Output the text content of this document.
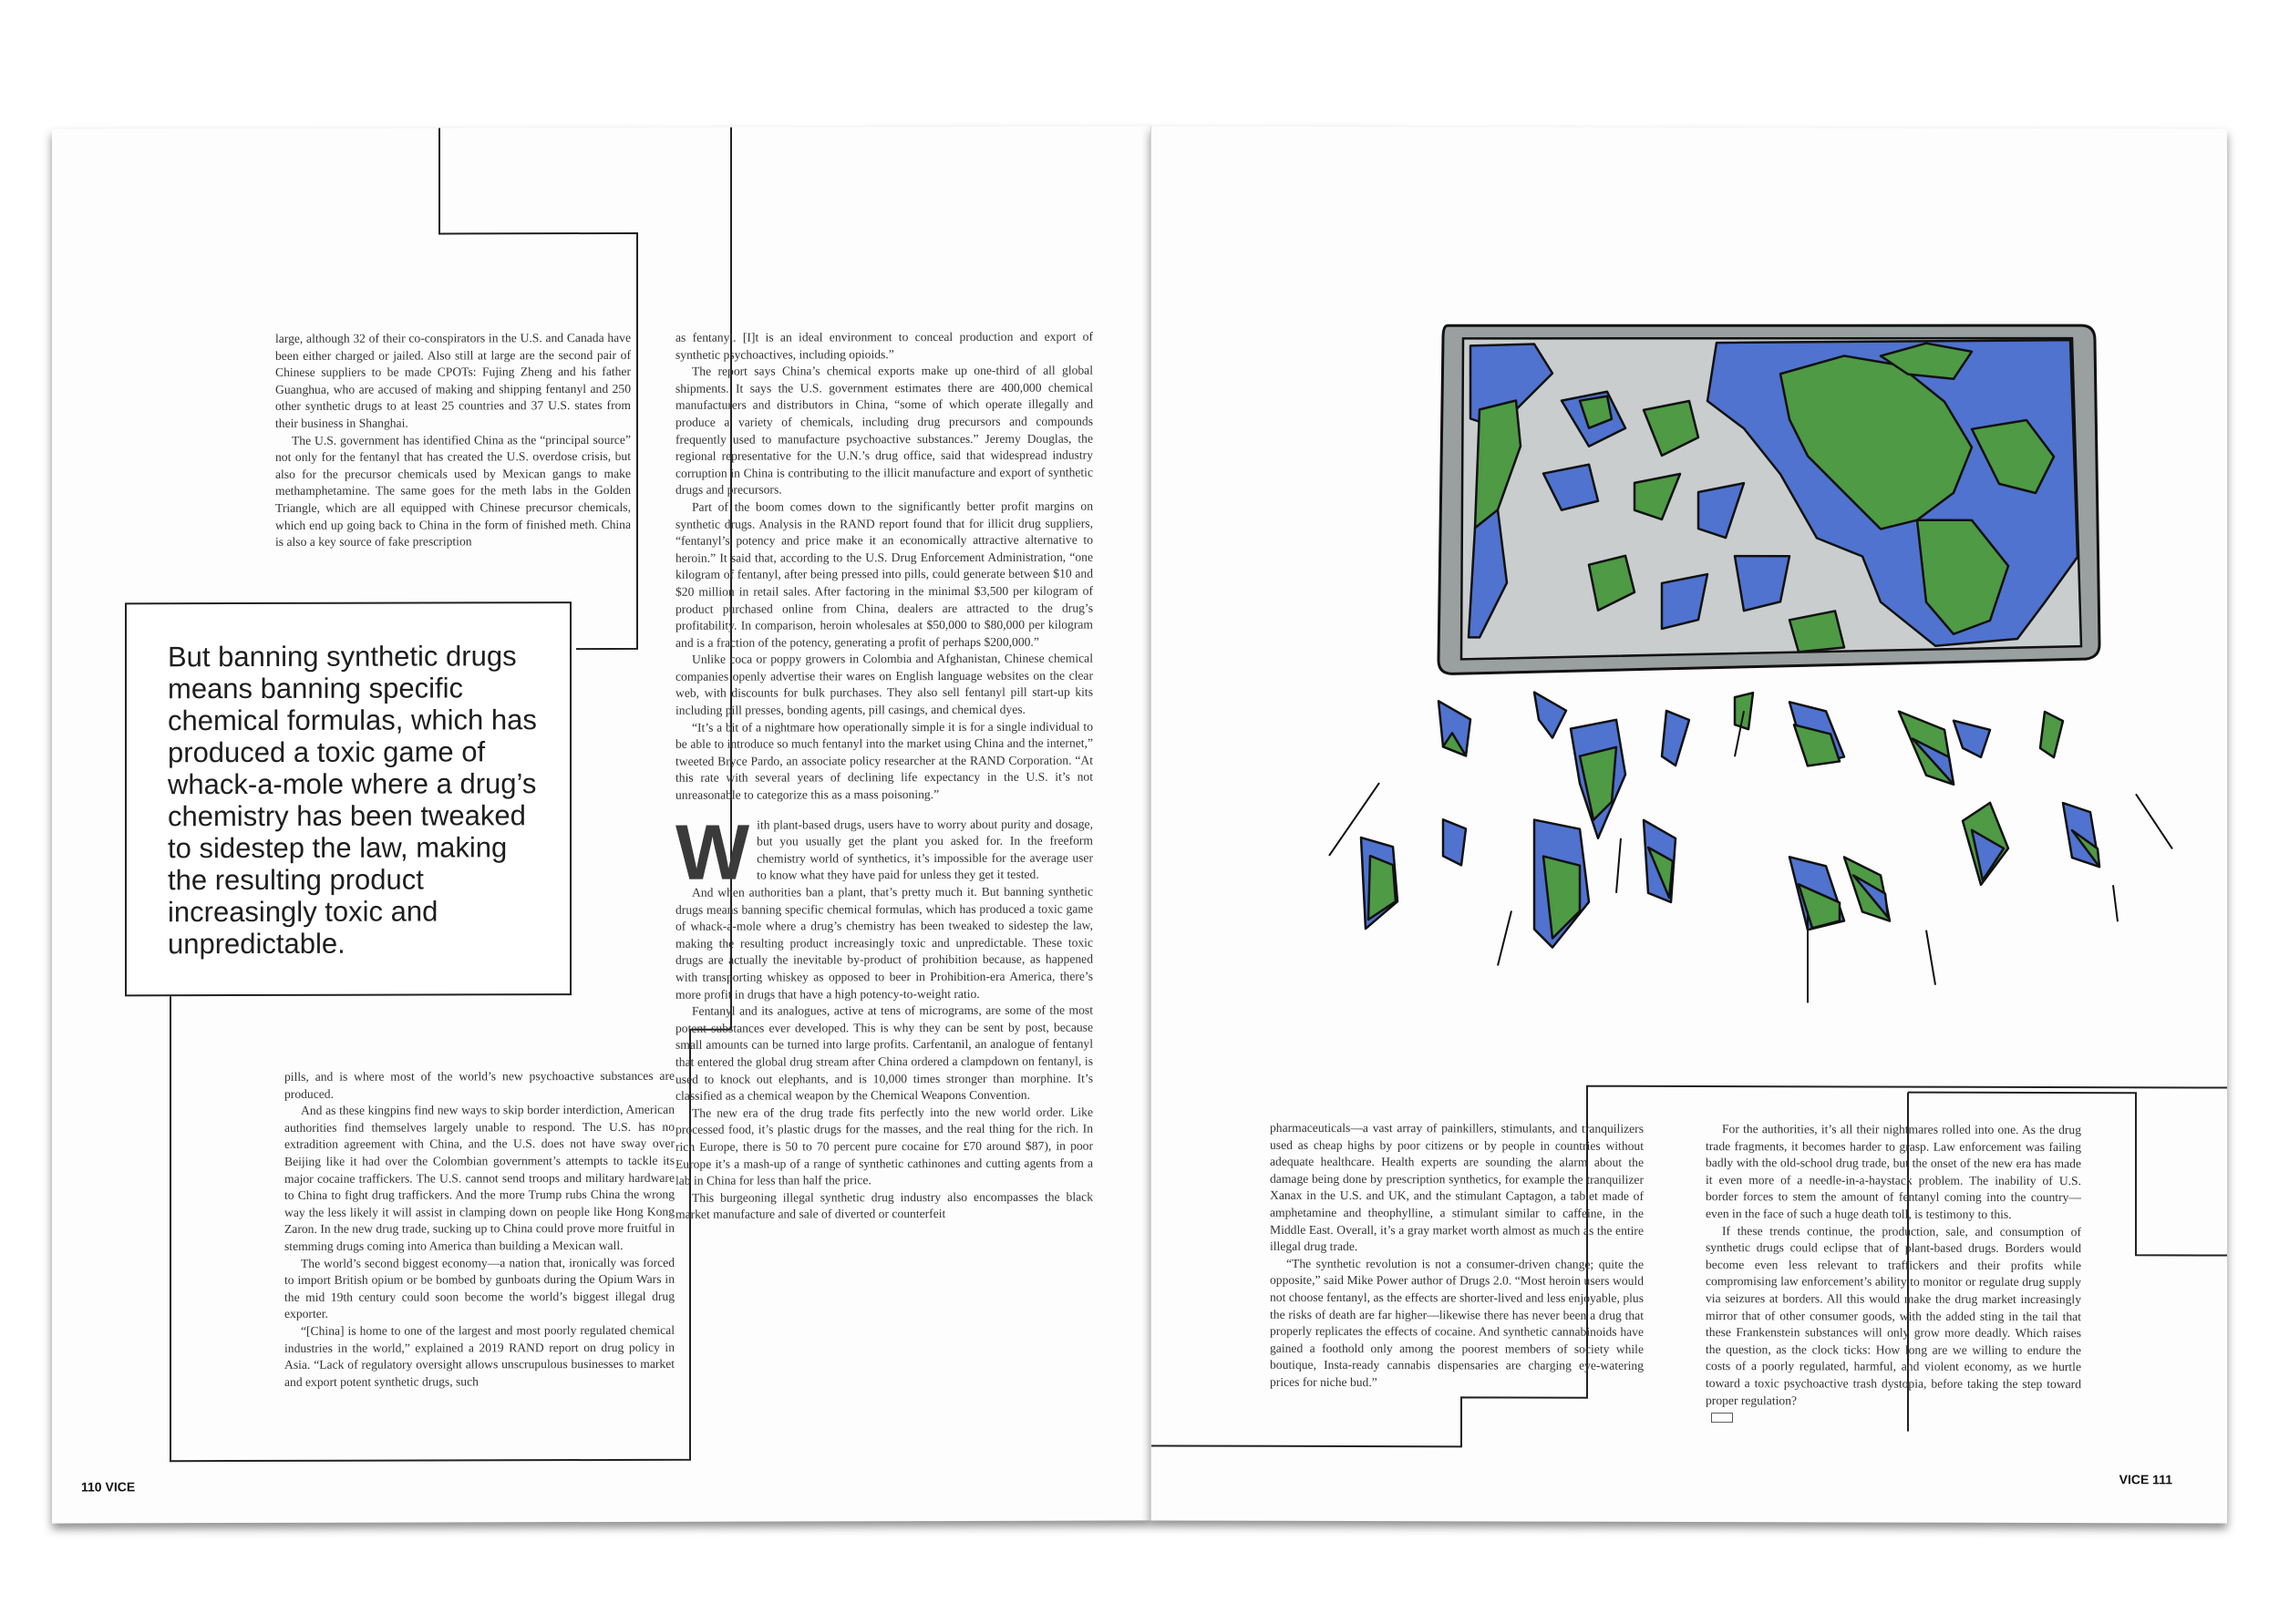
large, although 32 of their co-conspirators in the U.S. and Canada have been either charged or jailed. Also still at large are the second pair of Chinese suppliers to be made CPOTs: Fujing Zheng and his father Guanghua, who are accused of making and shipping fentanyl and 250 other synthetic drugs to at least 25 countries and 37 U.S. states from their business in Shanghai.

The U.S. government has identified China as the “principal source” not only for the fentanyl that has created the U.S. overdose crisis, but also for the precursor chemicals used by Mexican gangs to make methamphetamine. The same goes for the meth labs in the Golden Triangle, which are all equipped with Chinese precursor chemicals, which end up going back to China in the form of finished meth. China is also a key source of fake prescription

But banning synthetic drugs means banning specific chemical formulas, which has produced a toxic game of whack-a-mole where a drug’s chemistry has been tweaked to sidestep the law, making the resulting product increasingly toxic and unpredictable.

pills, and is where most of the world’s new psychoactive substances are produced.

And as these kingpins find new ways to skip border interdiction, American authorities find themselves largely unable to respond. The U.S. has no extradition agreement with China, and the U.S. does not have sway over Beijing like it had over the Colombian government’s attempts to tackle its major cocaine traffickers. The U.S. cannot send troops and military hardware to China to fight drug traffickers. And the more Trump rubs China the wrong way the less likely it will assist in clamping down on people like Hong Kong Zaron. In the new drug trade, sucking up to China could prove more fruitful in stemming drugs coming into America than building a Mexican wall.

The world’s second biggest economy—a nation that, ironically was forced to import British opium or be bombed by gunboats during the Opium Wars in the mid 19th century could soon become the world’s biggest illegal drug exporter.

“[China] is home to one of the largest and most poorly regulated chemical industries in the world,” explained a 2019 RAND report on drug policy in Asia. “Lack of regulatory oversight allows unscrupulous businesses to market and export potent synthetic drugs, such

as fentanyl. [I]t is an ideal environment to conceal production and export of synthetic psychoactives, including opioids.”

The report says China’s chemical exports make up one-third of all global shipments. It says the U.S. government estimates there are 400,000 chemical manufacturers and distributors in China, “some of which operate illegally and produce a variety of chemicals, including drug precursors and compounds frequently used to manufacture psychoactive substances.” Jeremy Douglas, the regional representative for the U.N.’s drug office, said that widespread industry corruption in China is contributing to the illicit manufacture and export of synthetic drugs and precursors.

Part of the boom comes down to the significantly better profit margins on synthetic drugs. Analysis in the RAND report found that for illicit drug suppliers, “fentanyl’s potency and price make it an economically attractive alternative to heroin.” It said that, according to the U.S. Drug Enforcement Administration, “one kilogram of fentanyl, after being pressed into pills, could generate between $10 and $20 million in retail sales. After factoring in the minimal $3,500 per kilogram of product purchased online from China, dealers are attracted to the drug’s profitability. In comparison, heroin wholesales at $50,000 to $80,000 per kilogram and is a fraction of the potency, generating a profit of perhaps $200,000.”

Unlike coca or poppy growers in Colombia and Afghanistan, Chinese chemical companies openly advertise their wares on English language websites on the clear web, with discounts for bulk purchases. They also sell fentanyl pill start-up kits including pill presses, bonding agents, pill casings, and chemical dyes.

“It’s a bit of a nightmare how operationally simple it is for a single individual to be able to introduce so much fentanyl into the market using China and the internet,” tweeted Bryce Pardo, an associate policy researcher at the RAND Corporation. “At this rate with several years of declining life expectancy in the U.S. it’s not unreasonable to categorize this as a mass poisoning.”

With plant-based drugs, users have to worry about purity and dosage, but you usually get the plant you asked for. In the freeform chemistry world of synthetics, it’s impossible for the average user to know what they have paid for unless they get it tested.

And when authorities ban a plant, that’s pretty much it. But banning synthetic drugs means banning specific chemical formulas, which has produced a toxic game of whack-a-mole where a drug’s chemistry has been tweaked to sidestep the law, making the resulting product increasingly toxic and unpredictable. These toxic drugs are actually the inevitable by-product of prohibition because, as happened with transporting whiskey as opposed to beer in Prohibition-era America, there’s more profit in drugs that have a high potency-to-weight ratio.

Fentanyl and its analogues, active at tens of micrograms, are some of the most potent substances ever developed. This is why they can be sent by post, because small amounts can be turned into large profits. Carfentanil, an analogue of fentanyl that entered the global drug stream after China ordered a clampdown on fentanyl, is used to knock out elephants, and is 10,000 times stronger than morphine. It’s classified as a chemical weapon by the Chemical Weapons Convention.

The new era of the drug trade fits perfectly into the new world order. Like processed food, it’s plastic drugs for the masses, and the real thing for the rich. In rich Europe, there is 50 to 70 percent pure cocaine for £70 around $87), in poor Europe it’s a mash-up of a range of synthetic cathinones and cutting agents from a lab in China for less than half the price.

This burgeoning illegal synthetic drug industry also encompasses the black market manufacture and sale of diverted or counterfeit

110 VICE

pharmaceuticals—a vast array of painkillers, stimulants, and tranquilizers used as cheap highs by poor citizens or by people in countries without adequate healthcare. Health experts are sounding the alarm about the damage being done by prescription synthetics, for example the tranquilizer Xanax in the U.S. and UK, and the stimulant Captagon, a tablet made of amphetamine and theophylline, a stimulant similar to caffeine, in the Middle East. Overall, it’s a gray market worth almost as much as the entire illegal drug trade.

“The synthetic revolution is not a consumer-driven change; quite the opposite,” said Mike Power author of Drugs 2.0. “Most heroin users would not choose fentanyl, as the effects are shorter-lived and less enjoyable, plus the risks of death are far higher—likewise there has never been a drug that properly replicates the effects of cocaine. And synthetic cannabinoids have gained a foothold only among the poorest members of society while boutique, Insta-ready cannabis dispensaries are charging eye-watering prices for niche bud.”

For the authorities, it’s all their nightmares rolled into one. As the drug trade fragments, it becomes harder to grasp. Law enforcement was failing badly with the old-school drug trade, but the onset of the new era has made it even more of a needle-in-a-haystack problem. The inability of U.S. border forces to stem the amount of fentanyl coming into the country—even in the face of such a huge death toll, is testimony to this.

If these trends continue, the production, sale, and consumption of synthetic drugs could eclipse that of plant-based drugs. Borders would become even less relevant to traffickers and their profits while compromising law enforcement’s ability to monitor or regulate drug supply via seizures at borders. All this would make the drug market increasingly mirror that of other consumer goods, with the added sting in the tail that these Frankenstein substances will only grow more deadly. Which raises the question, as the clock ticks: How long are we willing to endure the costs of a poorly regulated, harmful, and violent economy, as we hurtle toward a toxic psychoactive trash dystopia, before taking the step toward proper regulation?

VICE 111
